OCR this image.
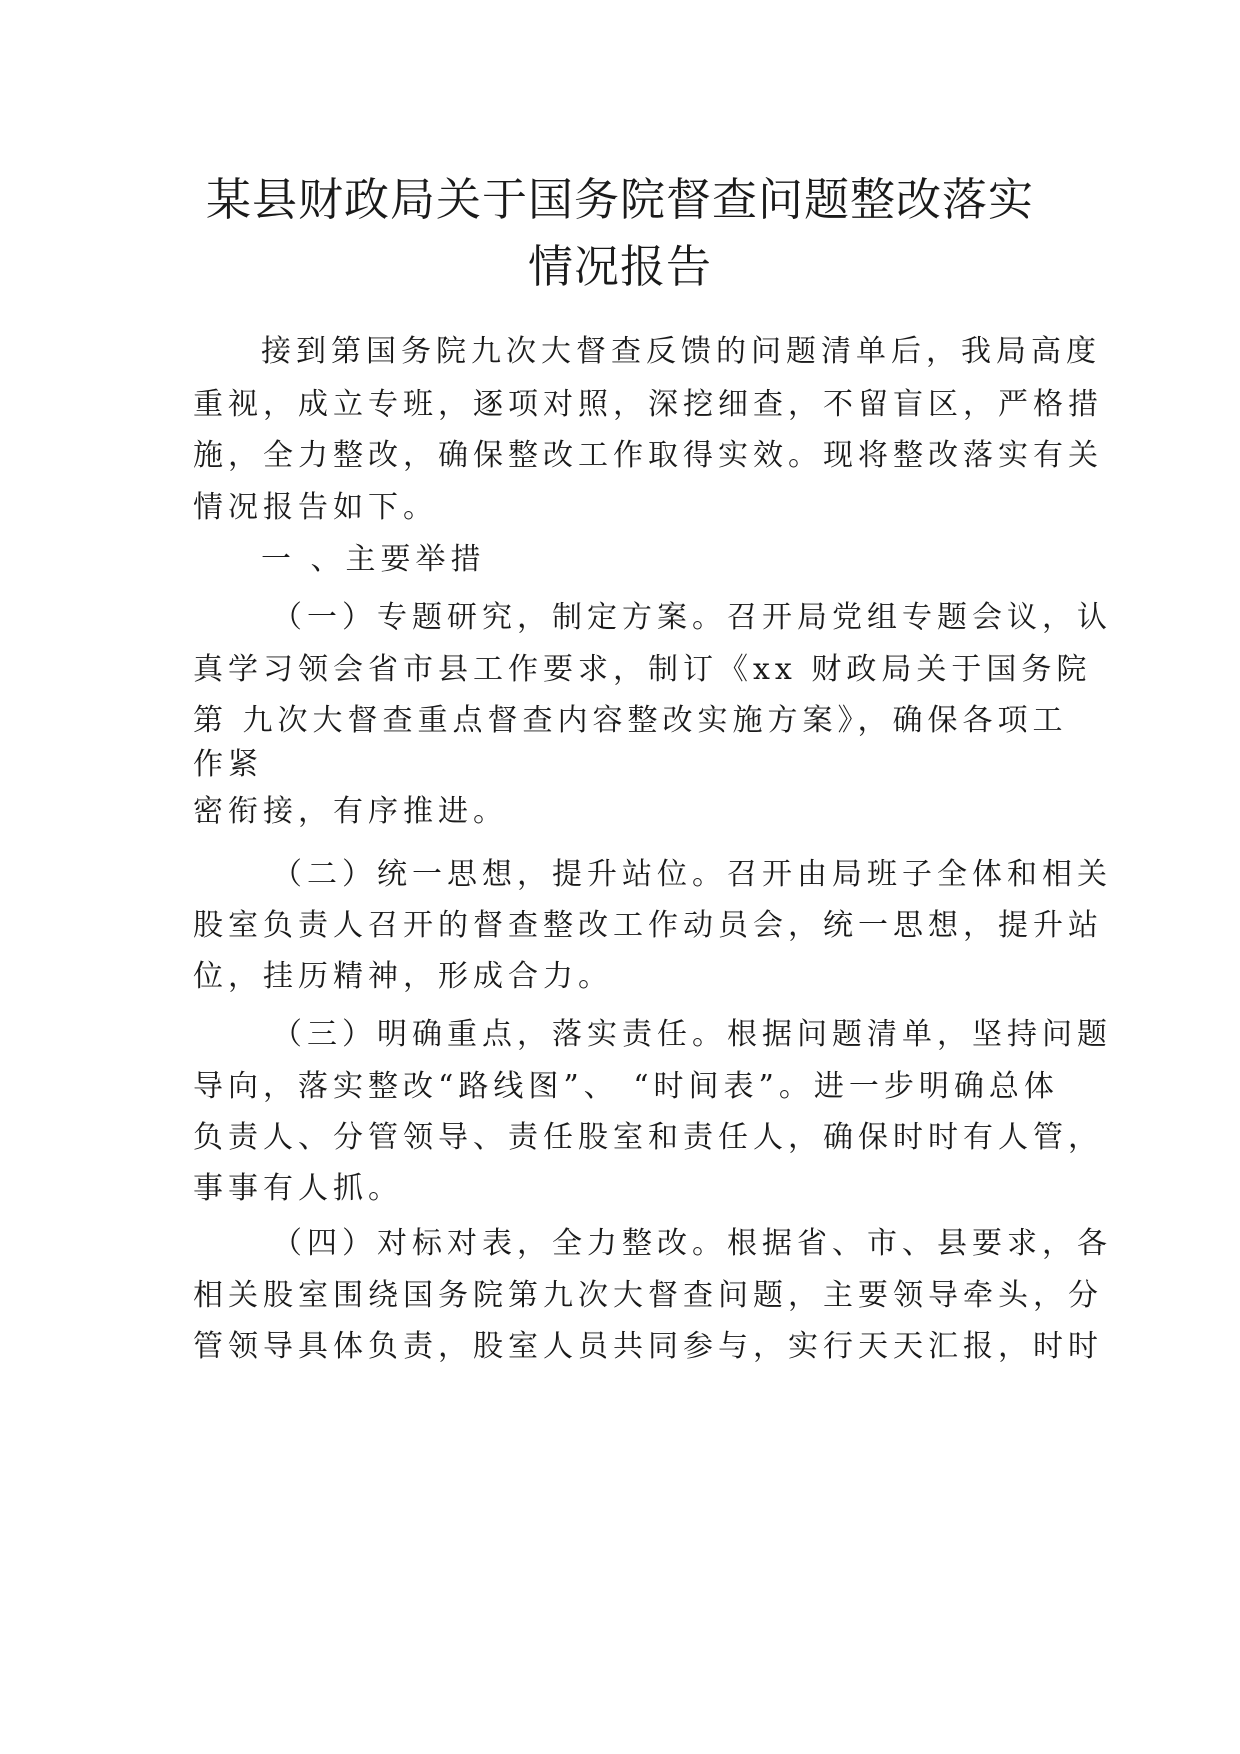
某县财政局关于国务院督查问题整改落实
情况报告

接到第国务院九次大督查反馈的问题清单后，我局高度

重视，成立专班，逐项对照，深挖细查，不留盲区，严格措

施，全力整改，确保整改工作取得实效。现将整改落实有关

情况报告如下。

一 、主要举措

（一）专题研究，制定方案。召开局党组专题会议，认

真学习领会省市县工作要求，制订《xx 财政局关于国务院

第 九次大督查重点督查内容整改实施方案》，确保各项工

作紧

密衔接，有序推进。

（二）统一思想，提升站位。召开由局班子全体和相关

股室负责人召开的督查整改工作动员会，统一思想，提升站

位，挂历精神，形成合力。

（三）明确重点，落实责任。根据问题清单，坚持问题

导向，落实整改“路线图”、 “时间表”。进一步明确总体

负责人、分管领导、责任股室和责任人，确保时时有人管，

事事有人抓。

（四）对标对表，全力整改。根据省、市、县要求，各

相关股室围绕国务院第九次大督查问题，主要领导牵头，分

管领导具体负责，股室人员共同参与，实行天天汇报，时时
